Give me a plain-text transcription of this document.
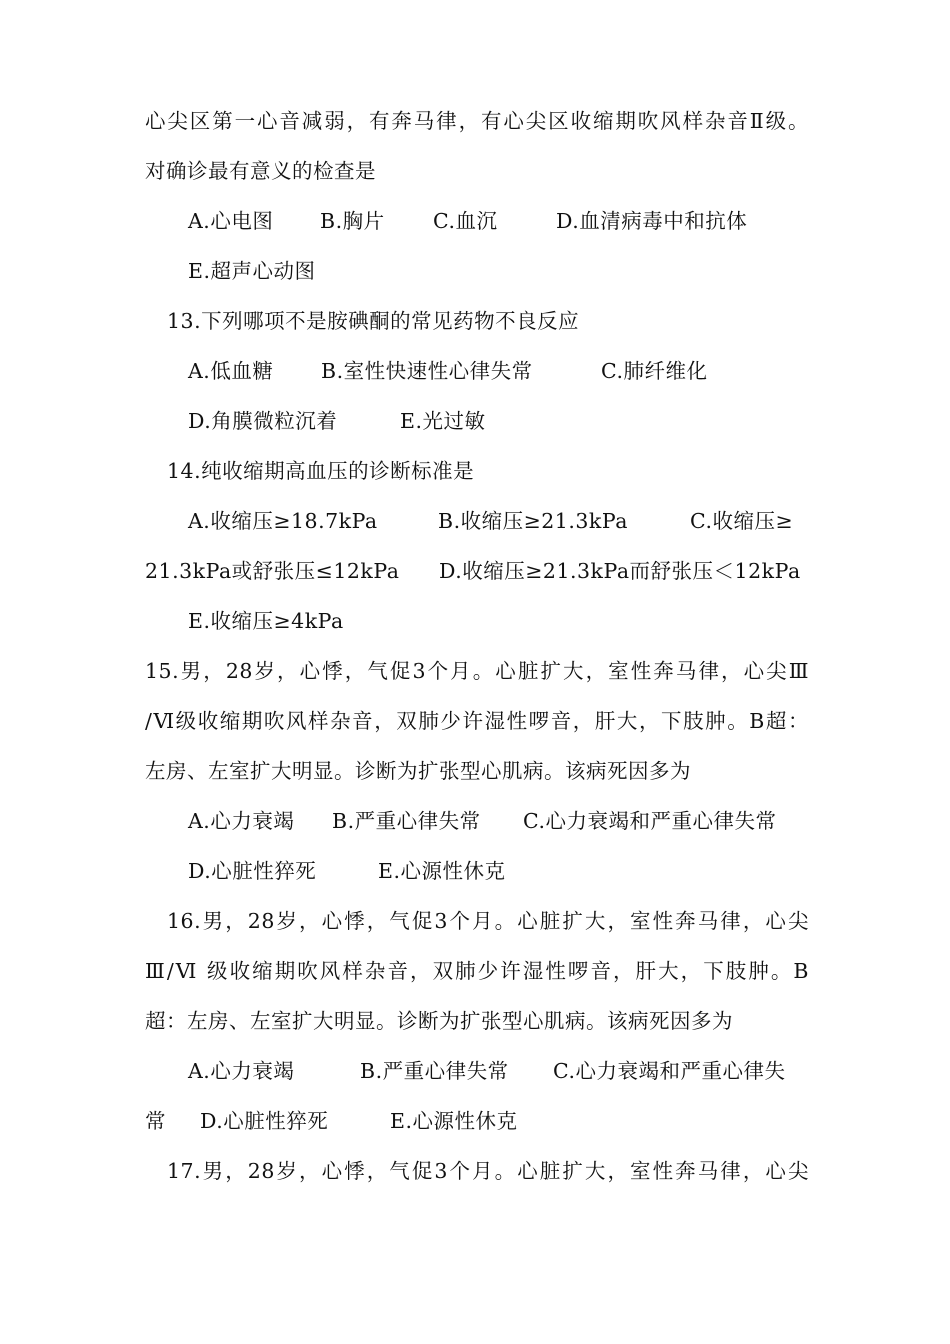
心尖区第一心音减弱，有奔马律，有心尖区收缩期吹风样杂音Ⅱ级。
对确诊最有意义的检查是
A.心电图 B.胸片 C.血沉	D.血清病毒中和抗体
E.超声心动图
13.下列哪项不是胺碘酮的常见药物不良反应
A.低血糖 B.室性快速性心律失常	C.肺纤维化
D.角膜微粒沉着	E.光过敏
14.纯收缩期高血压的诊断标准是
A.收缩压≥18.7kPa	B.收缩压≥21.3kPa	C.收缩压≥
21.3kPa或舒张压≤12kPa D.收缩压≥21.3kPa而舒张压＜12kPa
E.收缩压≥4kPa
15.男，28岁，心悸，气促3个月。心脏扩大，室性奔马律，心尖Ⅲ
/Ⅵ级收缩期吹风样杂音，双肺少许湿性啰音，肝大，下肢肿。B超：
左房、左室扩大明显。诊断为扩张型心肌病。该病死因多为
A.心力衰竭 B.严重心律失常 C.心力衰竭和严重心律失常
D.心脏性猝死	E.心源性休克
16.男，28岁，心悸，气促3个月。心脏扩大，室性奔马律，心尖
Ⅲ/Ⅵ 级收缩期吹风样杂音，双肺少许湿性啰音，肝大，下肢肿。B
超：左房、左室扩大明显。诊断为扩张型心肌病。该病死因多为
A.心力衰竭	B.严重心律失常 C.心力衰竭和严重心律失
常 D.心脏性猝死	E.心源性休克
17.男，28岁，心悸，气促3个月。心脏扩大，室性奔马律，心尖
